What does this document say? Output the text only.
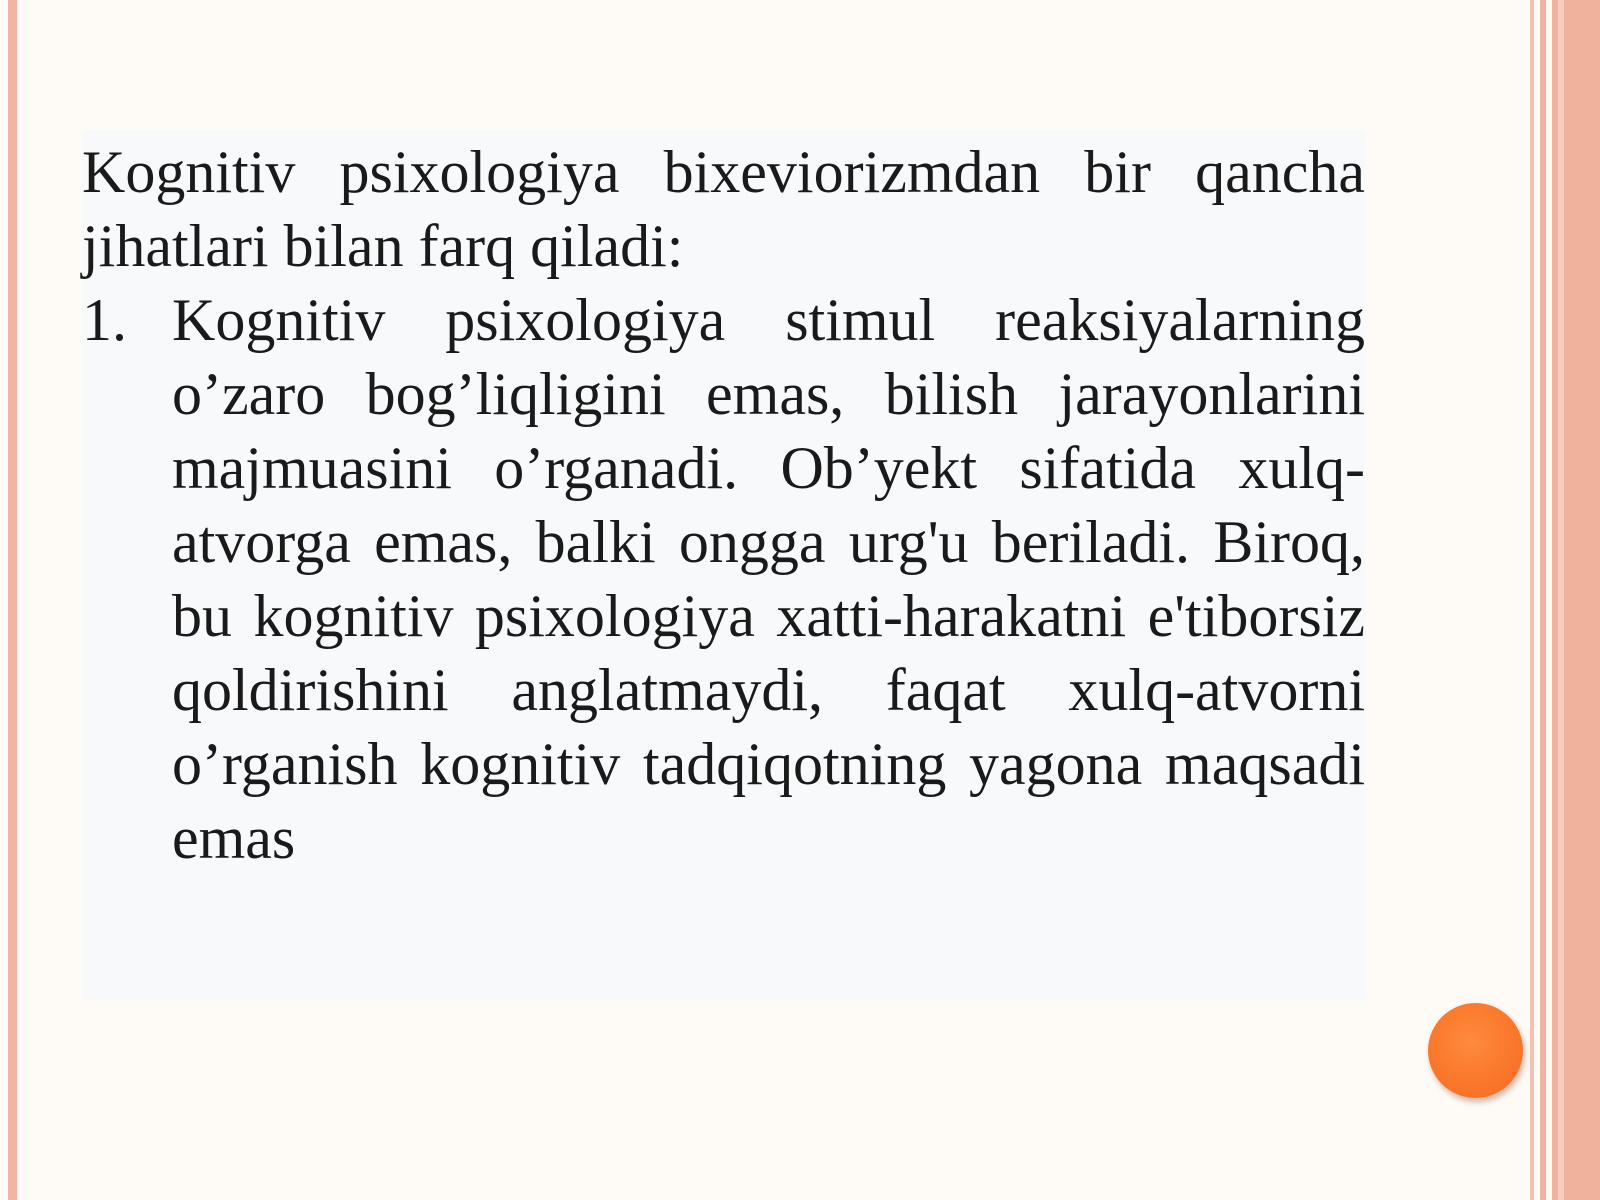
Kognitiv psixologiya bixeviorizmdan bir qancha jihatlari bilan farq qiladi:

1. Kognitiv psixologiya stimul reaksiyalarning o’zaro bog’liqligini emas, bilish jarayonlarini majmuasini o’rganadi. Ob’yekt sifatida xulq-atvorga emas, balki ongga urg'u beriladi. Biroq, bu kognitiv psixologiya xatti-harakatni e'tiborsiz qoldirishini anglatmaydi, faqat xulq-atvorni o’rganish kognitiv tadqiqotning yagona maqsadi emas
